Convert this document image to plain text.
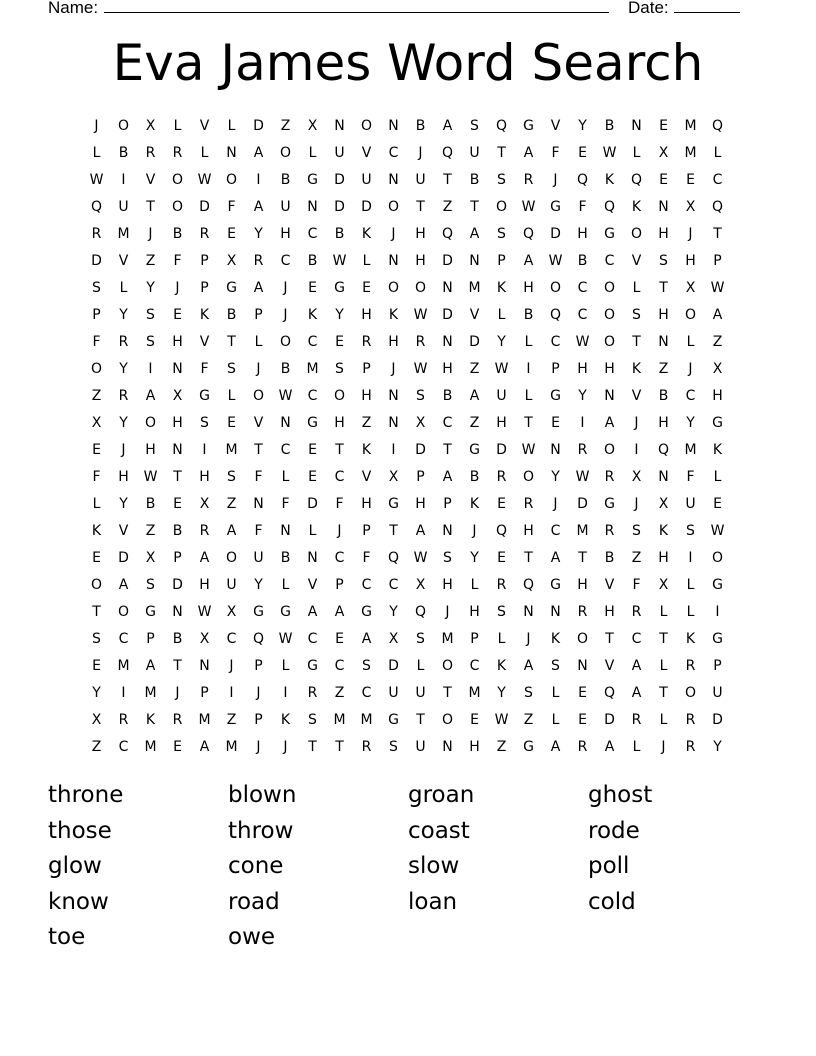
Name:	Date:
Eva James Word Search
J	O	X	L	V	L	D	Z	X	N	O	N	B	A	S	Q	G	V	Y	B	N	E	M	Q
L	B	R	R	L	N	A	O	L	U	V	C	J	Q	U	T	A	F	E	W	L	X	M	L
W	I	V	O	W	O	I	B	G	D	U	N	U	T	B	S	R	J	Q	K	Q	E	E	C
Q	U	T	O	D	F	A	U	N	D	D	O	T	Z	T	O	W	G	F	Q	K	N	X	Q
R	M	J	B	R	E	Y	H	C	B	K	J	H	Q	A	S	Q	D	H	G	O	H	J	T
D	V	Z	F	P	X	R	C	B	W	L	N	H	D	N	P	A	W	B	C	V	S	H	P
S	L	Y	J	P	G	A	J	E	G	E	O	O	N	M	K	H	O	C	O	L	T	X	W
P	Y	S	E	K	B	P	J	K	Y	H	K	W	D	V	L	B	Q	C	O	S	H	O	A
F	R	S	H	V	T	L	O	C	E	R	H	R	N	D	Y	L	C	W	O	T	N	L	Z
O	Y	I	N	F	S	J	B	M	S	P	J	W	H	Z	W	I	P	H	H	K	Z	J	X
Z	R	A	X	G	L	O	W	C	O	H	N	S	B	A	U	L	G	Y	N	V	B	C	H
X	Y	O	H	S	E	V	N	G	H	Z	N	X	C	Z	H	T	E	I	A	J	H	Y	G
E	J	H	N	I	M	T	C	E	T	K	I	D	T	G	D	W	N	R	O	I	Q	M	K
F	H	W	T	H	S	F	L	E	C	V	X	P	A	B	R	O	Y	W	R	X	N	F	L
L	Y	B	E	X	Z	N	F	D	F	H	G	H	P	K	E	R	J	D	G	J	X	U	E
K	V	Z	B	R	A	F	N	L	J	P	T	A	N	J	Q	H	C	M	R	S	K	S	W
E	D	X	P	A	O	U	B	N	C	F	Q	W	S	Y	E	T	A	T	B	Z	H	I	O
O	A	S	D	H	U	Y	L	V	P	C	C	X	H	L	R	Q	G	H	V	F	X	L	G
T	O	G	N	W	X	G	G	A	A	G	Y	Q	J	H	S	N	N	R	H	R	L	L	I
S	C	P	B	X	C	Q	W	C	E	A	X	S	M	P	L	J	K	O	T	C	T	K	G
E	M	A	T	N	J	P	L	G	C	S	D	L	O	C	K	A	S	N	V	A	L	R	P
Y	I	M	J	P	I	J	I	R	Z	C	U	U	T	M	Y	S	L	E	Q	A	T	O	U
X	R	K	R	M	Z	P	K	S	M	M	G	T	O	E	W	Z	L	E	D	R	L	R	D
Z	C	M	E	A	M	J	J	T	T	R	S	U	N	H	Z	G	A	R	A	L	J	R	Y
throne	blown	groan	ghost
those	throw	coast	rode
glow	cone	slow	poll
know	road	loan	cold
toe	owe
